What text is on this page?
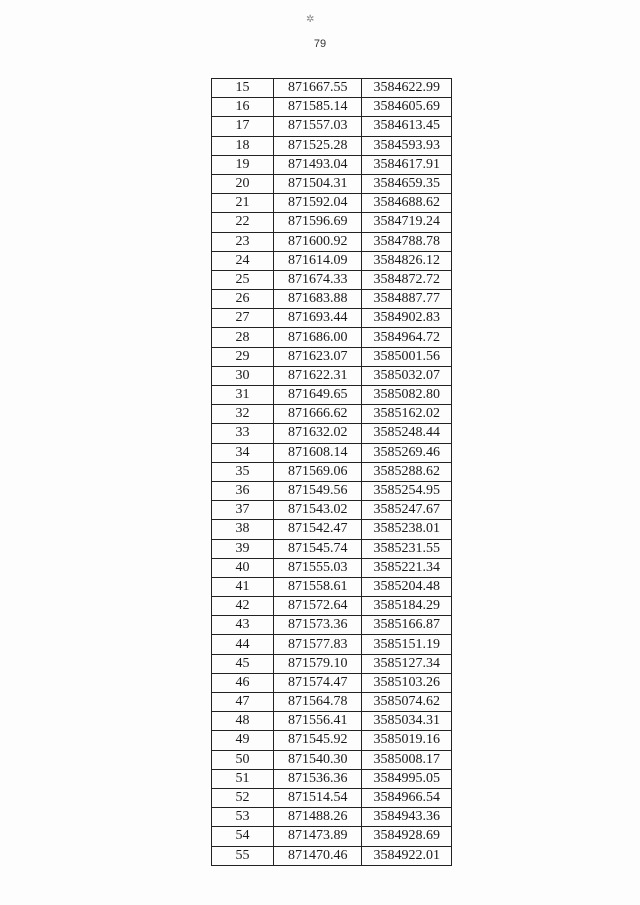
✲
79
15	871667.55	3584622.99
16	871585.14	3584605.69
17	871557.03	3584613.45
18	871525.28	3584593.93
19	871493.04	3584617.91
20	871504.31	3584659.35
21	871592.04	3584688.62
22	871596.69	3584719.24
23	871600.92	3584788.78
24	871614.09	3584826.12
25	871674.33	3584872.72
26	871683.88	3584887.77
27	871693.44	3584902.83
28	871686.00	3584964.72
29	871623.07	3585001.56
30	871622.31	3585032.07
31	871649.65	3585082.80
32	871666.62	3585162.02
33	871632.02	3585248.44
34	871608.14	3585269.46
35	871569.06	3585288.62
36	871549.56	3585254.95
37	871543.02	3585247.67
38	871542.47	3585238.01
39	871545.74	3585231.55
40	871555.03	3585221.34
41	871558.61	3585204.48
42	871572.64	3585184.29
43	871573.36	3585166.87
44	871577.83	3585151.19
45	871579.10	3585127.34
46	871574.47	3585103.26
47	871564.78	3585074.62
48	871556.41	3585034.31
49	871545.92	3585019.16
50	871540.30	3585008.17
51	871536.36	3584995.05
52	871514.54	3584966.54
53	871488.26	3584943.36
54	871473.89	3584928.69
55	871470.46	3584922.01
